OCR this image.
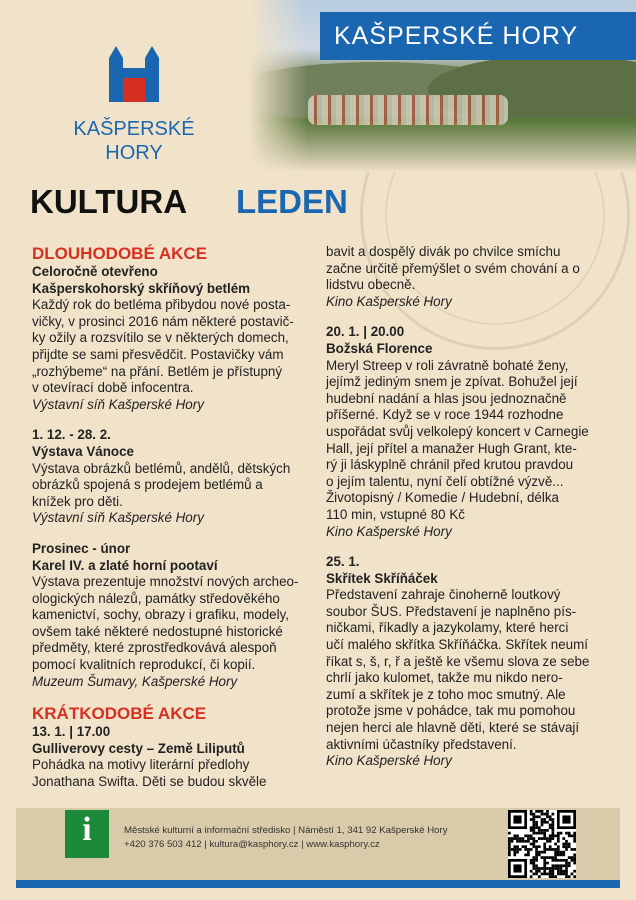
KAŠPERSKÉ HORY
KAŠPERSKÉ
HORY
KULTURA LEDEN
DLOUHODOBÉ AKCE
Celoročně otevřeno
Kašperskohorský skříňový betlém
Každý rok do betléma přibydou nové posta-
vičky, v prosinci 2016 nám některé postavič-
ky ožily a rozsvítilo se v některých domech,
přijdte se sami přesvědčit. Postavičky vám
„rozhýbeme“ na přání. Betlém je přístupný
v otevírací době infocentra.
Výstavní síň Kašperské Hory
1. 12. - 28. 2.
Výstava Vánoce
Výstava obrázků betlémů, andělů, dětských
obrázků spojená s prodejem betlémů a
knížek pro děti.
Výstavní síň Kašperské Hory
Prosinec - únor
Karel IV. a zlaté horní pootaví
Výstava prezentuje množství nových archeo-
ologických nálezů, památky středověkého
kamenictví, sochy, obrazy i grafiku, modely,
ovšem také některé nedostupné historické
předměty, které zprostředkovává alespoň
pomocí kvalitních reprodukcí, či kopií.
Muzeum Šumavy, Kašperské Hory
KRÁTKODOBÉ AKCE
13. 1. | 17.00
Gulliverovy cesty – Země Liliputů
Pohádka na motivy literární předlohy
Jonathana Swifta. Děti se budou skvěle
bavit a dospělý divák po chvilce smíchu
začne určitě přemýšlet o svém chování a o
lidstvu obecně.
Kino Kašperské Hory
20. 1. | 20.00
Božská Florence
Meryl Streep v roli závratně bohaté ženy,
jejímž jediným snem je zpívat. Bohužel její
hudební nadání a hlas jsou jednoznačně
příšerné. Když se v roce 1944 rozhodne
uspořádat svůj velkolepý koncert v Carnegie
Hall, její přítel a manažer Hugh Grant, kte-
rý ji láskyplně chránil před krutou pravdou
o jejím talentu, nyní čelí obtížné výzvě...
Životopisný / Komedie / Hudební, délka
110 min, vstupné 80 Kč
Kino Kašperské Hory
25. 1.
Skřítek Skříňáček
Představení zahraje činoherně loutkový
soubor ŠUS. Představení je naplněno pís-
ničkami, říkadly a jazykolamy, které herci
učí malého skřítka Skříňáčka. Skřítek neumí
říkat s, š, r, ř a ještě ke všemu slova ze sebe
chrlí jako kulomet, takže mu nikdo nero-
zumí a skřítek je z toho moc smutný. Ale
protože jsme v pohádce, tak mu pomohou
nejen herci ale hlavně děti, které se stávají
aktivními účastníky představení.
Kino Kašperské Hory
i	Městské kulturní a informační středisko | Náměstí 1, 341 92 Kašperské Hory
+420 376 503 412 | kultura@kasphory.cz | www.kasphory.cz
